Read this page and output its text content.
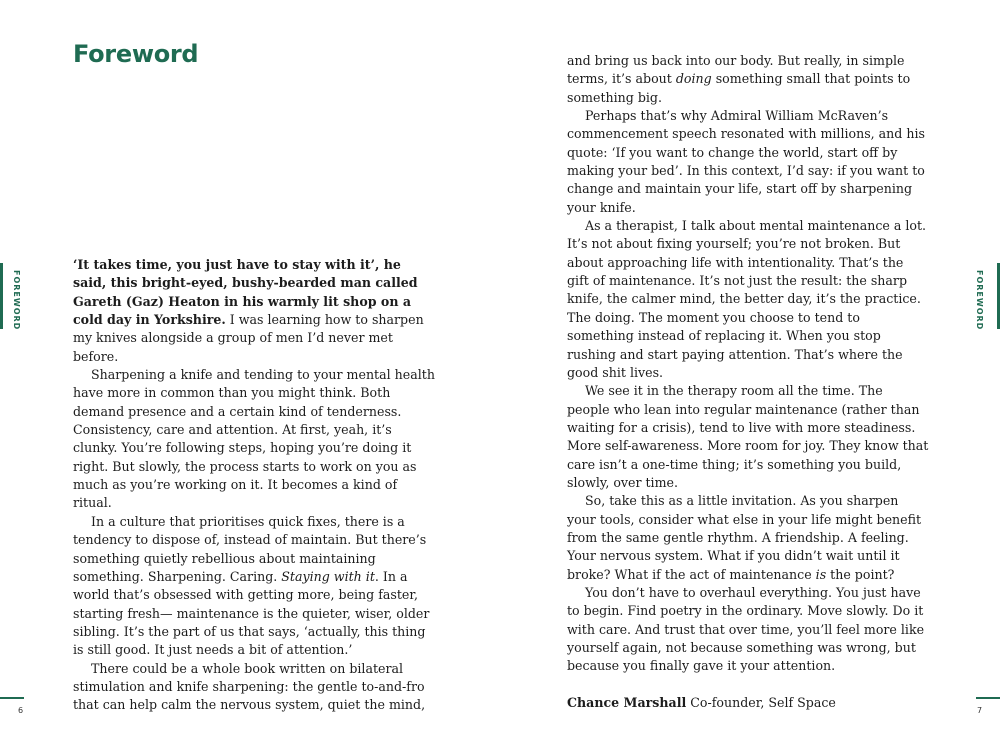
FOREWORD
Foreword

‘It takes time, you just have to stay with it’, he said, this bright-eyed, bushy-bearded man called Gareth (Gaz) Heaton in his warmly lit shop on a cold day in Yorkshire. I was learning how to sharpen my knives alongside a group of men I’d never met before.

Sharpening a knife and tending to your mental health have more in common than you might think. Both demand presence and a certain kind of tenderness. Consistency, care and attention. At first, yeah, it’s clunky. You’re following steps, hoping you’re doing it right. But slowly, the process starts to work on you as much as you’re working on it. It becomes a kind of ritual.

In a culture that prioritises quick fixes, there is a tendency to dispose of, instead of maintain. But there’s something quietly rebellious about maintaining something. Sharpening. Caring. Staying with it. In a world that’s obsessed with getting more, being faster, starting fresh— maintenance is the quieter, wiser, older sibling. It’s the part of us that says, ‘actually, this thing is still good. It just needs a bit of attention.’

There could be a whole book written on bilateral stimulation and knife sharpening: the gentle to-and-fro that can help calm the nervous system, quiet the mind,

6
FOREWORD

and bring us back into our body. But really, in simple terms, it’s about doing something small that points to something big.

Perhaps that’s why Admiral William McRaven’s commencement speech resonated with millions, and his quote: ‘If you want to change the world, start off by making your bed’. In this context, I’d say: if you want to change and maintain your life, start off by sharpening your knife.

As a therapist, I talk about mental maintenance a lot. It’s not about fixing yourself; you’re not broken. But about approaching life with intentionality. That’s the gift of maintenance. It’s not just the result: the sharp knife, the calmer mind, the better day, it’s the practice. The doing. The moment you choose to tend to something instead of replacing it. When you stop rushing and start paying attention. That’s where the good shit lives.

We see it in the therapy room all the time. The people who lean into regular maintenance (rather than waiting for a crisis), tend to live with more steadiness. More self-awareness. More room for joy. They know that care isn’t a one-time thing; it’s something you build, slowly, over time.

So, take this as a little invitation. As you sharpen your tools, consider what else in your life might benefit from the same gentle rhythm. A friendship. A feeling. Your nervous system. What if you didn’t wait until it broke? What if the act of maintenance is the point?

You don’t have to overhaul everything. You just have to begin. Find poetry in the ordinary. Move slowly. Do it with care. And trust that over time, you’ll feel more like yourself again, not because something was wrong, but because you finally gave it your attention.

Chance Marshall Co-founder, Self Space

7
